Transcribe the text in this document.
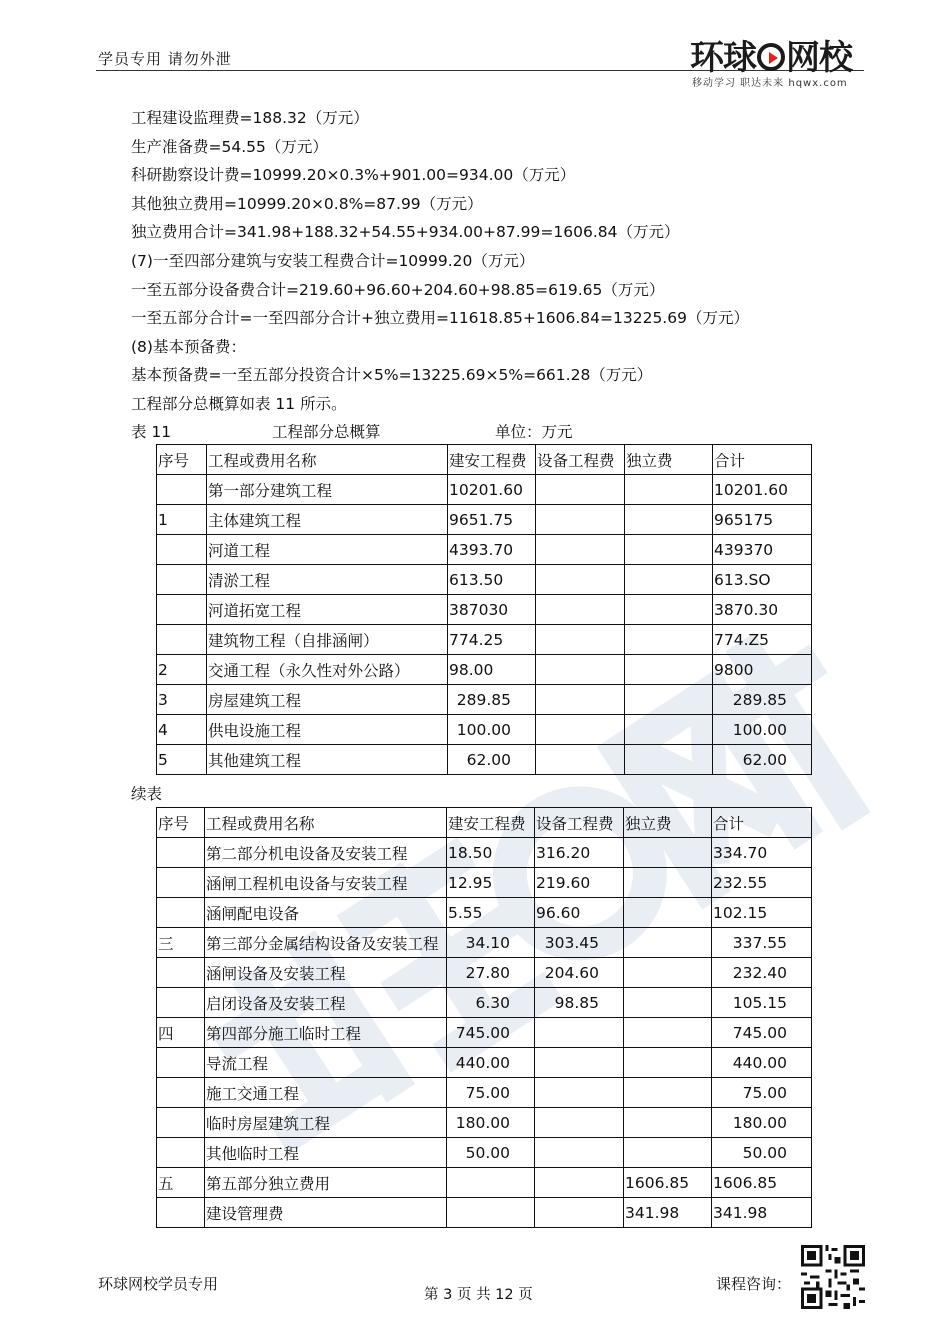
学员专用 请勿外泄	环球 网校
移动学习 职达未来 hqwx.com
环球网校
工程建设监理费=188.32（万元）
生产准备费=54.55（万元）
科研勘察设计费=10999.20×0.3%+901.00=934.00（万元）
其他独立费用=10999.20×0.8%=87.99（万元）
独立费用合计=341.98+188.32+54.55+934.00+87.99=1606.84（万元）
(7)一至四部分建筑与安装工程费合计=10999.20（万元）
一至五部分设备费合计=219.60+96.60+204.60+98.85=619.65（万元）
一至五部分合计=一至四部分合计+独立费用=11618.85+1606.84=13225.69（万元）
(8)基本预备费：
基本预备费=一至五部分投资合计×5%=13225.69×5%=661.28（万元）
工程部分总概算如表 11 所示。
表 11	工程部分总概算	单位：万元
序号	工程或费用名称	建安工程费	设备工程费	独立费	合计
	第一部分建筑工程	10201.60			10201.60
1	主体建筑工程	9651.75			965175
	河道工程	4393.70			439370
	清淤工程	613.50			613.SO
	河道拓宽工程	387030			3870.30
	建筑物工程（自排涵闸）	774.25			774.Z5
2	交通工程（永久性对外公路）	98.00			9800
3	房屋建筑工程	289.85			289.85
4	供电设施工程	100.00			100.00
5	其他建筑工程	62.00			62.00
续表
序号	工程或费用名称	建安工程费	设备工程费	独立费	合计
	第二部分机电设备及安装工程	18.50	316.20		334.70
	涵闸工程机电设备与安装工程	12.95	219.60		232.55
	涵闸配电设备	5.55	96.60		102.15
三	第三部分金属结构设备及安装工程	34.10	303.45		337.55
	涵闸设备及安装工程	27.80	204.60		232.40
	启闭设备及安装工程	6.30	98.85		105.15
四	第四部分施工临时工程	745.00			745.00
	导流工程	440.00			440.00
	施工交通工程	75.00			75.00
	临时房屋建筑工程	180.00			180.00
	其他临时工程	50.00			50.00
五	第五部分独立费用			1606.85	1606.85
	建设管理费			341.98	341.98
环球网校学员专用
第 3 页 共 12 页
课程咨询：
